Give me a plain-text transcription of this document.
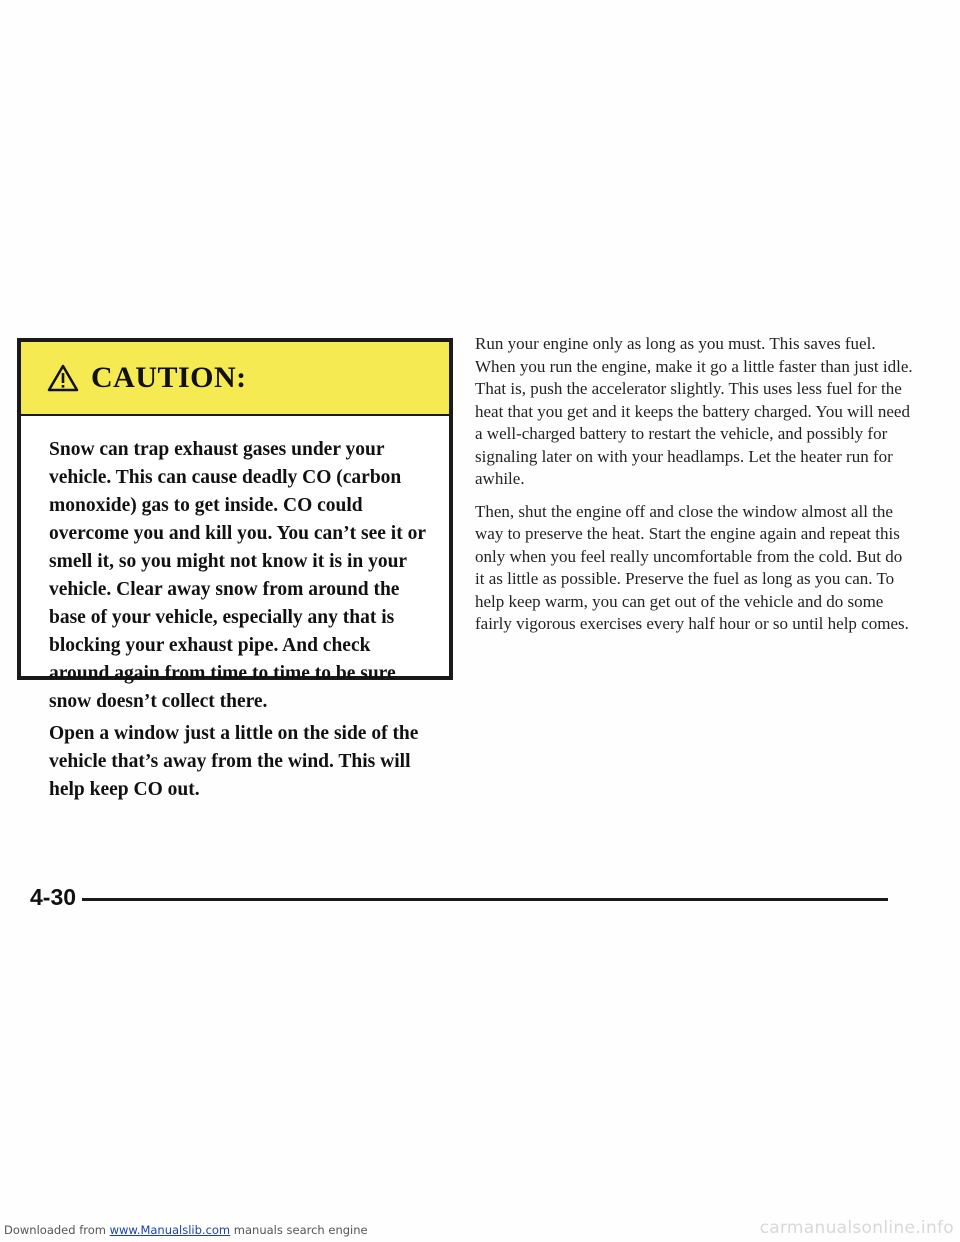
CAUTION:

Snow can trap exhaust gases under your vehicle. This can cause deadly CO (carbon monoxide) gas to get inside. CO could overcome you and kill you. You can’t see it or smell it, so you might not know it is in your vehicle. Clear away snow from around the base of your vehicle, especially any that is blocking your exhaust pipe. And check around again from time to time to be sure snow doesn’t collect there.

Open a window just a little on the side of the vehicle that’s away from the wind. This will help keep CO out.

Run your engine only as long as you must. This saves fuel. When you run the engine, make it go a little faster than just idle. That is, push the accelerator slightly. This uses less fuel for the heat that you get and it keeps the battery charged. You will need a well-charged battery to restart the vehicle, and possibly for signaling later on with your headlamps. Let the heater run for awhile.

Then, shut the engine off and close the window almost all the way to preserve the heat. Start the engine again and repeat this only when you feel really uncomfortable from the cold. But do it as little as possible. Preserve the fuel as long as you can. To help keep warm, you can get out of the vehicle and do some fairly vigorous exercises every half hour or so until help comes.

4-30
Downloaded from www.Manualslib.com manuals search engine	carmanualsonline.info
